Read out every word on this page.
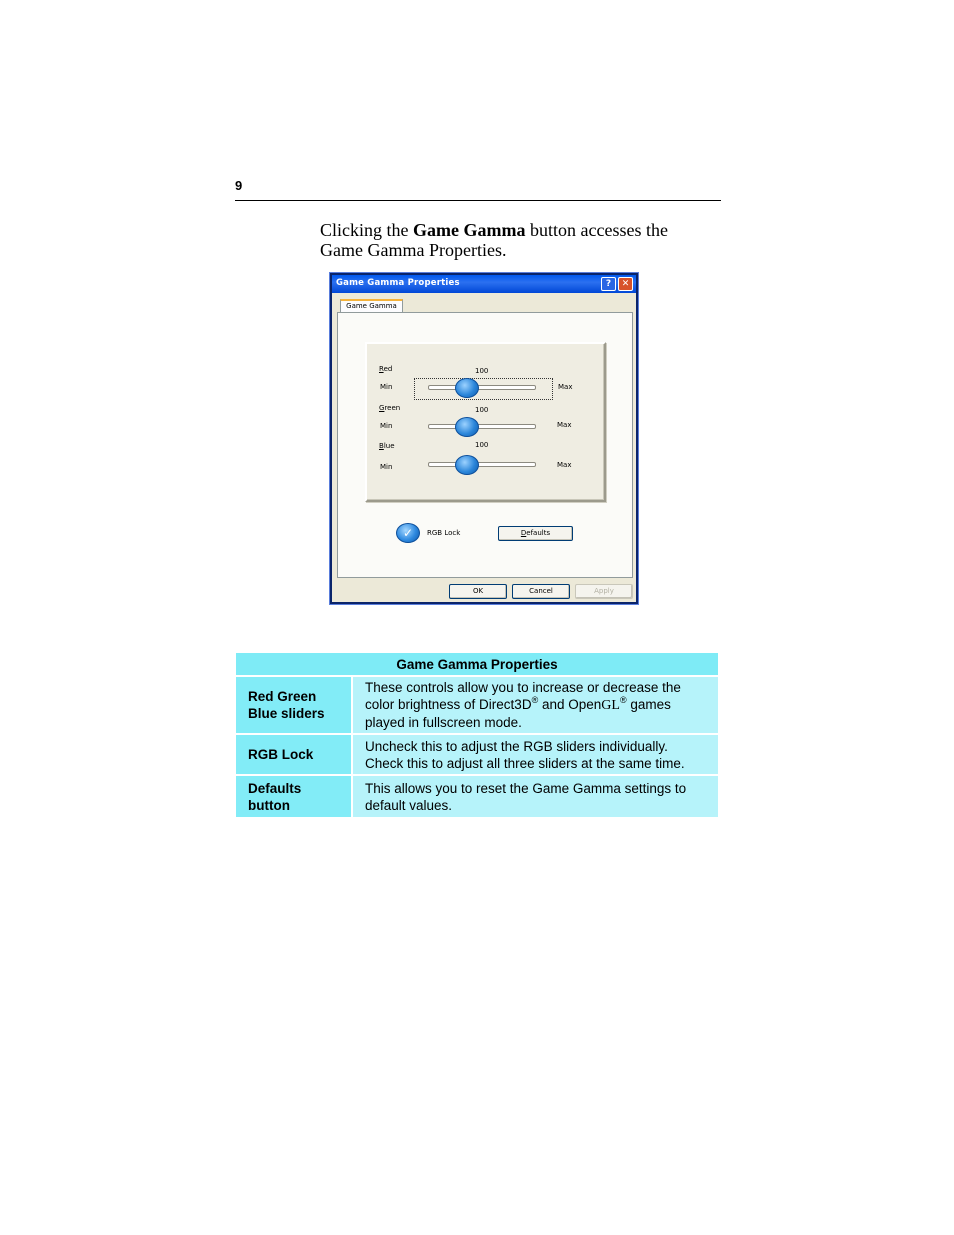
9

Clicking the Game Gamma button accesses the Game Gamma Properties.

Game Gamma Properties	?	✕
Game Gamma
Red	100
Min	Max
Green	100
Min	Max
Blue	100
Min	Max
✓	RGB Lock	Defaults
OK	Cancel	Apply
Game Gamma Properties	
Red Green Blue sliders	These controls allow you to increase or decrease the color brightness of Direct3D® and OpenGL® games played in fullscreen mode.
RGB Lock	Uncheck this to adjust the RGB sliders individually. Check this to adjust all three sliders at the same time.
Defaults button	This allows you to reset the Game Gamma settings to default values.
